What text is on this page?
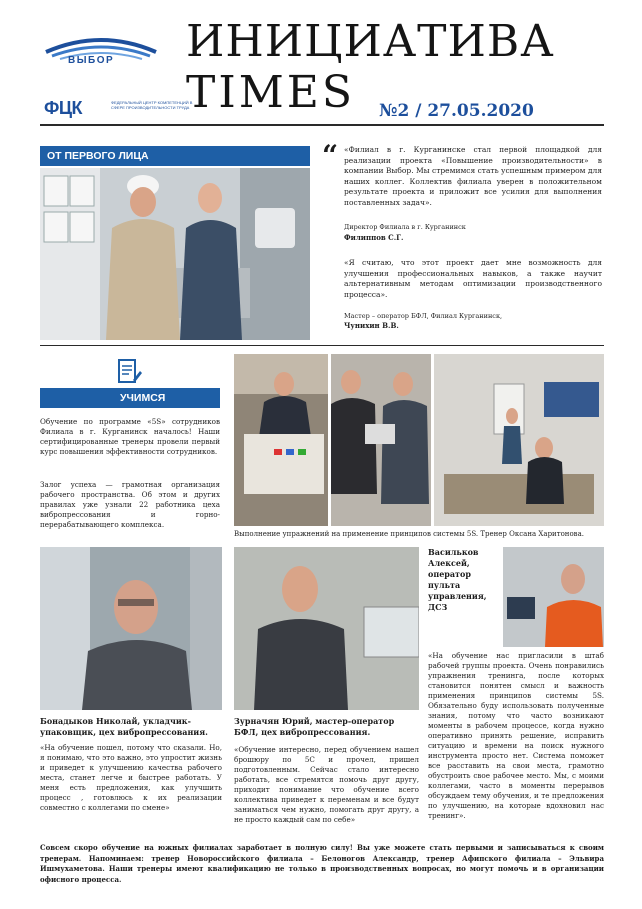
ВЫБОР
ФЦК	ФЕДЕРАЛЬНЫЙ ЦЕНТР КОМПЕТЕНЦИЙ В СФЕРЕ ПРОИЗВОДИТЕЛЬНОСТИ ТРУДА
ИНИЦИАТИВА
TIMES №2 / 27.05.2020
ОТ ПЕРВОГО ЛИЦА	“ «Филиал в г. Курганинске стал первой площадкой для реализации проекта «Повышение производительности» в компании Выбор. Мы стремимся стать успешным примером для наших коллег. Коллектив филиала уверен в положительном результате проекта и приложит все усилия для выполнения поставленных задач».
Директор Филиала в г. Курганинск
Филиппов С.Г.
«Я считаю, что этот проект дает мне возможность для улучшения профессиональных навыков, а также научит альтернативным методам оптимизации производственного процесса».
Мастер – оператор БФЛ, Филиал Курганинск,
Чунихин В.В.
УЧИМСЯ
Обучение по программе «5S» сотрудников Филиала в г. Курганинск началось! Наши сертифицированные тренеры провели первый курс повышения эффективности сотрудников.
Залог успеха — грамотная организация рабочего пространства. Об этом и других правилах уже узнали 22 работника цеха вибропрессования и горно-перерабатывающего комплекса.
Выполнение упражнений на применение принципов системы 5S. Тренер Оксана Харитонова.
Бонадыков Николай, укладчик-упаковщик, цех вибропрессования.
«На обучение пошел, потому что сказали. Но, я понимаю, что это важно, это упростит жизнь и приведет к улучшению качества рабочего места, станет легче и быстрее работать. У меня есть предложения, как улучшить процесс , готовлюсь к их реализации совместно с коллегами по смене»
Зурначян Юрий, мастер-оператор БФЛ, цех вибропрессования.
«Обучение интересно, перед обучением нашел брошюру по 5С и прочел, пришел подготовленным. Сейчас стало интересно работать, все стремятся помочь друг другу, приходит понимание что обучение всего коллектива приведет к переменам и все будут заниматься чем нужно, помогать друг другу, а не просто каждый сам по себе»
Васильков Алексей, оператор пульта управления, ДСЗ
«На обучение нас пригласили в штаб рабочей группы проекта. Очень понравились упражнения тренинга, после которых становится понятен смысл и важность применения принципов системы 5S. Обязательно буду использовать полученные знания, потому что часто возникают моменты в рабочем процессе, когда нужно оперативно принять решение, исправить ситуацию и времени на поиск нужного инструмента просто нет. Система поможет все расставить на свои места, грамотно обустроить свое рабочее место. Мы, с моими коллегами, часто в моменты перерывов обсуждаем тему обучения, и те предложения по улучшению, на которые вдохновил нас тренинг».
Совсем скоро обучение на южных филиалах заработает в полную силу! Вы уже можете стать первыми и записываться к своим тренерам. Напоминаем: тренер Новороссийского филиала – Белоногов Александр, тренер Афипского филиала – Эльвира Ишмухаметова. Наши тренеры имеют квалификацию не только в производственных вопросах, но могут помочь и в организации офисного процесса.
